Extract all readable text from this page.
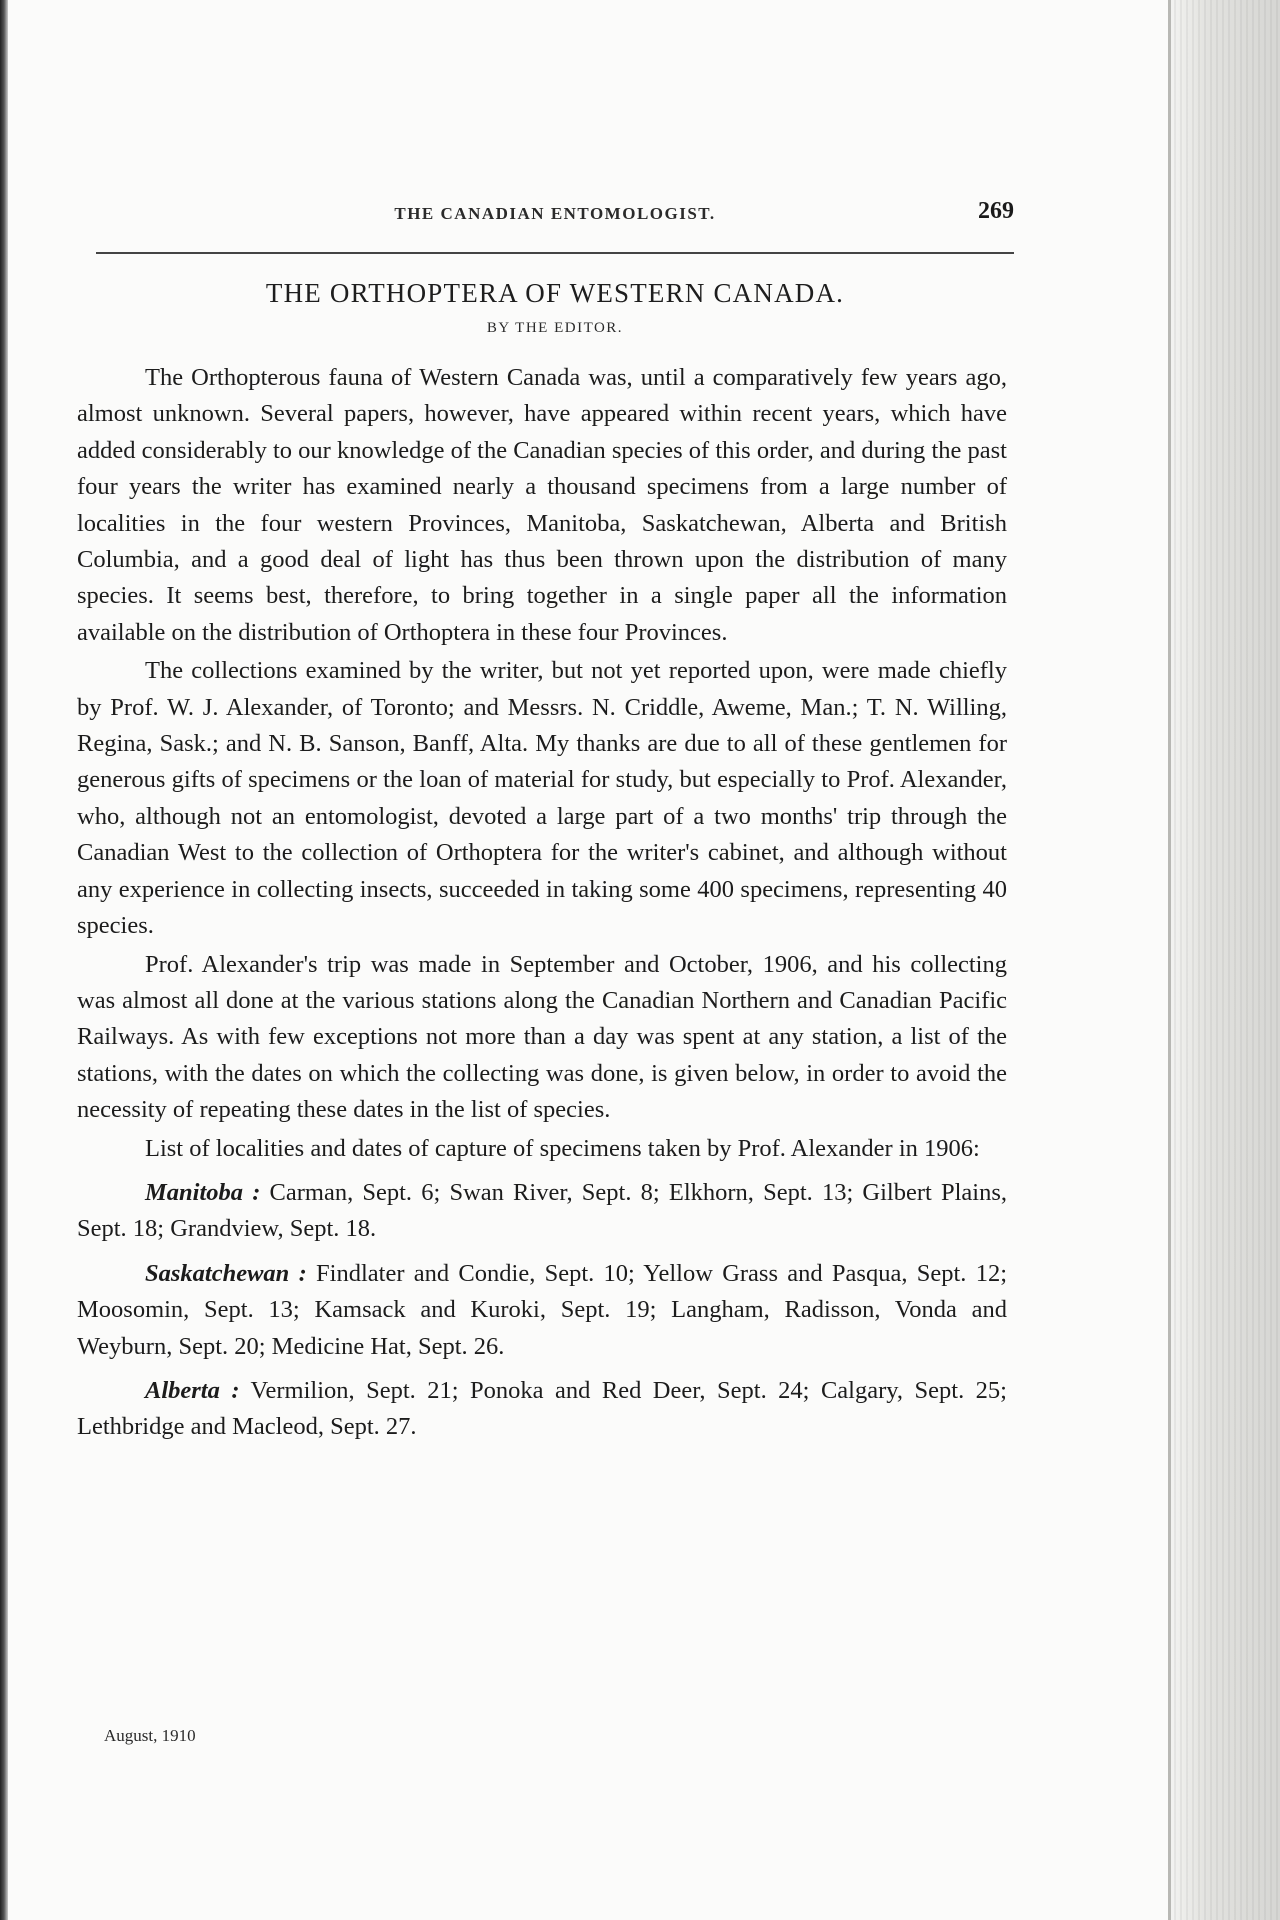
THE CANADIAN ENTOMOLOGIST.	269
THE ORTHOPTERA OF WESTERN CANADA.
BY THE EDITOR.

The Orthopterous fauna of Western Canada was, until a comparatively few years ago, almost unknown. Several papers, however, have appeared within recent years, which have added considerably to our knowledge of the Canadian species of this order, and during the past four years the writer has examined nearly a thousand specimens from a large number of localities in the four western Provinces, Manitoba, Saskatchewan, Alberta and British Columbia, and a good deal of light has thus been thrown upon the distribution of many species. It seems best, therefore, to bring together in a single paper all the information available on the distribution of Orthoptera in these four Provinces.

The collections examined by the writer, but not yet reported upon, were made chiefly by Prof. W. J. Alexander, of Toronto; and Messrs. N. Criddle, Aweme, Man.; T. N. Willing, Regina, Sask.; and N. B. Sanson, Banff, Alta. My thanks are due to all of these gentlemen for generous gifts of specimens or the loan of material for study, but especially to Prof. Alexander, who, although not an entomologist, devoted a large part of a two months' trip through the Canadian West to the collection of Orthoptera for the writer's cabinet, and although without any experience in collecting insects, succeeded in taking some 400 specimens, representing 40 species.

Prof. Alexander's trip was made in September and October, 1906, and his collecting was almost all done at the various stations along the Canadian Northern and Canadian Pacific Railways. As with few exceptions not more than a day was spent at any station, a list of the stations, with the dates on which the collecting was done, is given below, in order to avoid the necessity of repeating these dates in the list of species.

List of localities and dates of capture of specimens taken by Prof. Alexander in 1906:

Manitoba : Carman, Sept. 6; Swan River, Sept. 8; Elkhorn, Sept. 13; Gilbert Plains, Sept. 18; Grandview, Sept. 18.

Saskatchewan : Findlater and Condie, Sept. 10; Yellow Grass and Pasqua, Sept. 12; Moosomin, Sept. 13; Kamsack and Kuroki, Sept. 19; Langham, Radisson, Vonda and Weyburn, Sept. 20; Medicine Hat, Sept. 26.

Alberta : Vermilion, Sept. 21; Ponoka and Red Deer, Sept. 24; Calgary, Sept. 25; Lethbridge and Macleod, Sept. 27.

August, 1910
